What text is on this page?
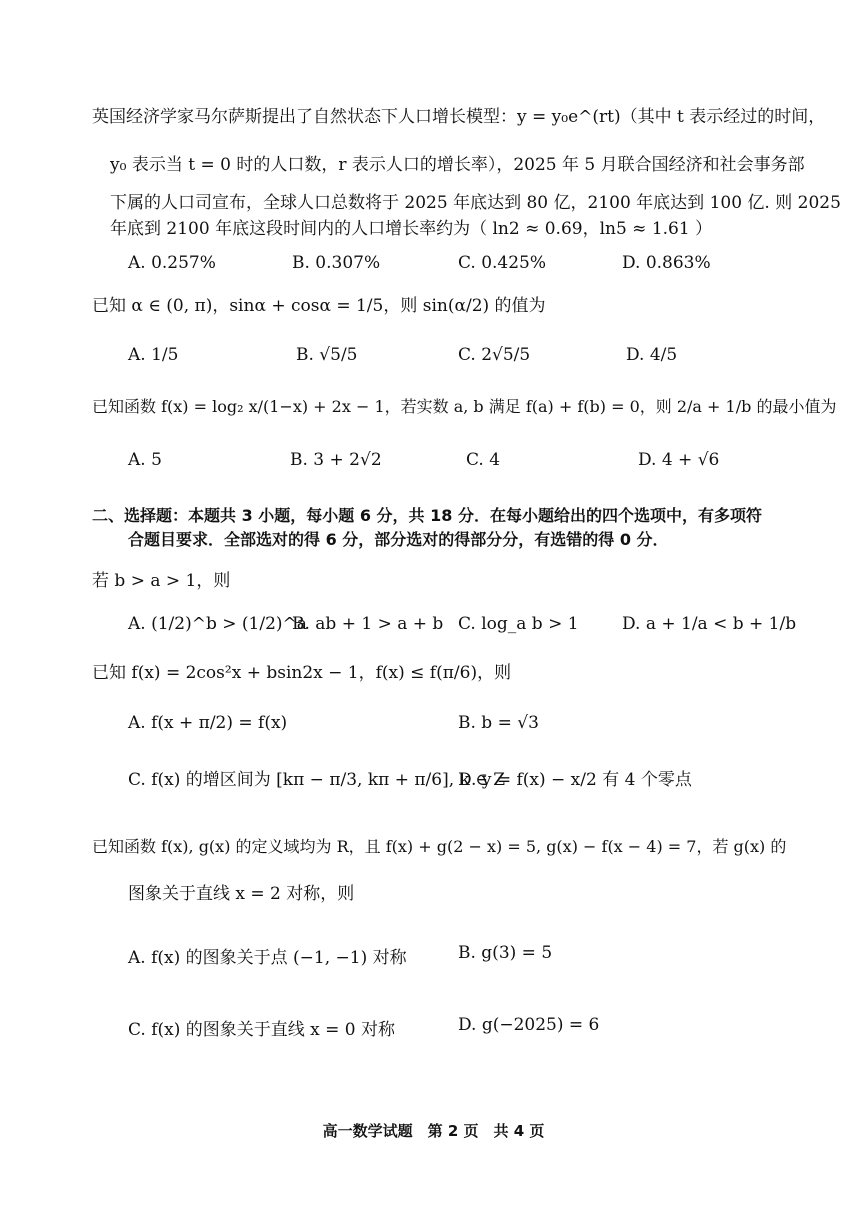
英国经济学家马尔萨斯提出了自然状态下人口增长模型：y = y₀e^(rt)（其中 t 表示经过的时间，
y₀ 表示当 t = 0 时的人口数，r 表示人口的增长率），2025 年 5 月联合国经济和社会事务部
下属的人口司宣布，全球人口总数将于 2025 年底达到 80 亿，2100 年底达到 100 亿. 则 2025
年底到 2100 年底这段时间内的人口增长率约为（ ln2 ≈ 0.69，ln5 ≈ 1.61 ）
A. 0.257%	B. 0.307%	C. 0.425%	D. 0.863%
已知 α ∈ (0, π)，sinα + cosα = 1/5，则 sin(α/2) 的值为
A. 1/5	B. √5/5	C. 2√5/5	D. 4/5
已知函数 f(x) = log₂ x/(1−x) + 2x − 1，若实数 a, b 满足 f(a) + f(b) = 0，则 2/a + 1/b 的最小值为
A. 5	B. 3 + 2√2	C. 4	D. 4 + √6
二、选择题：本题共 3 小题，每小题 6 分，共 18 分．在每小题给出的四个选项中，有多项符
合题目要求．全部选对的得 6 分，部分选对的得部分分，有选错的得 0 分．
若 b > a > 1，则
A. (1/2)^b > (1/2)^a
B. ab + 1 > a + b C. log_a b > 1	D. a + 1/a < b + 1/b
已知 f(x) = 2cos²x + bsin2x − 1，f(x) ≤ f(π/6)，则
A. f(x + π/2) = f(x)	B. b = √3
C. f(x) 的增区间为 [kπ − π/3, kπ + π/6], k ∈ Z
D. y = f(x) − x/2 有 4 个零点
已知函数 f(x), g(x) 的定义域均为 R，且 f(x) + g(2 − x) = 5, g(x) − f(x − 4) = 7，若 g(x) 的
图象关于直线 x = 2 对称，则
A. f(x) 的图象关于点 (−1, −1) 对称	B. g(3) = 5
C. f(x) 的图象关于直线 x = 0 对称	D. g(−2025) = 6
高一数学试题　第 2 页　共 4 页
